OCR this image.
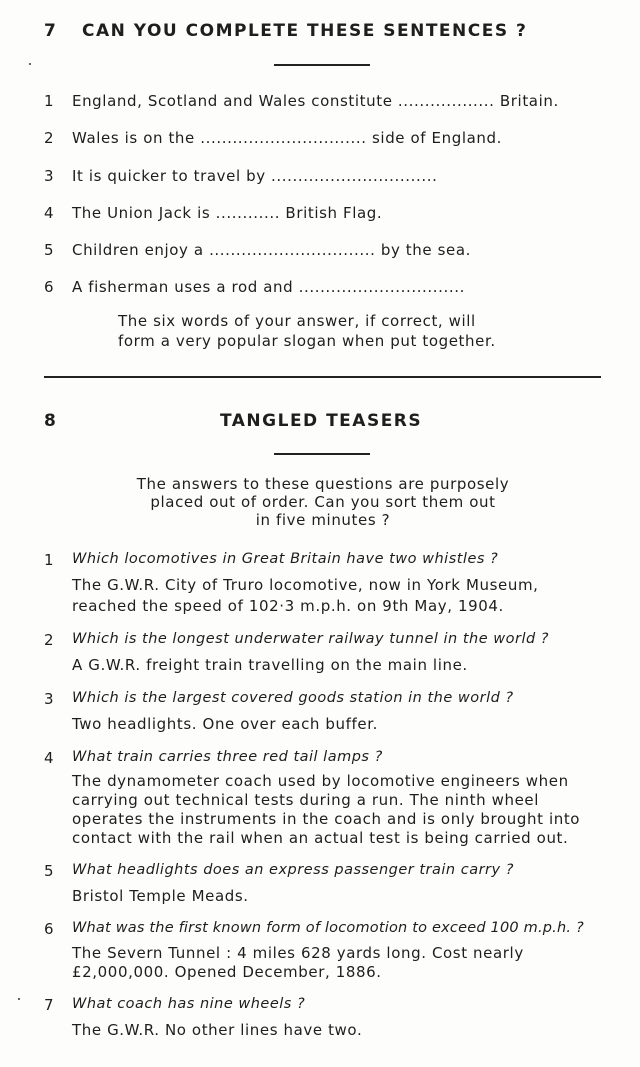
7 CAN YOU COMPLETE THESE SENTENCES ?
1 England, Scotland and Wales constitute .................. Britain.
2 Wales is on the ............................... side of England.
3 It is quicker to travel by ...............................
4 The Union Jack is ............ British Flag.
5 Children enjoy a ............................... by the sea.
6 A fisherman uses a rod and ...............................
The six words of your answer, if correct, will
form a very popular slogan when put together.
8	TANGLED TEASERS
The answers to these questions are purposely
placed out of order. Can you sort them out
in five minutes ?
1 Which locomotives in Great Britain have two whistles ?
The G.W.R. City of Truro locomotive, now in York Museum,
reached the speed of 102·3 m.p.h. on 9th May, 1904.
2 Which is the longest underwater railway tunnel in the world ?
A G.W.R. freight train travelling on the main line.
3 Which is the largest covered goods station in the world ?
Two headlights. One over each buffer.
4 What train carries three red tail lamps ?
The dynamometer coach used by locomotive engineers when
carrying out technical tests during a run. The ninth wheel
operates the instruments in the coach and is only brought into
contact with the rail when an actual test is being carried out.
5 What headlights does an express passenger train carry ?
Bristol Temple Meads.
6 What was the first known form of locomotion to exceed 100 m.p.h. ?
The Severn Tunnel : 4 miles 628 yards long. Cost nearly
£2,000,000. Opened December, 1886.
7 What coach has nine wheels ?
The G.W.R. No other lines have two.
